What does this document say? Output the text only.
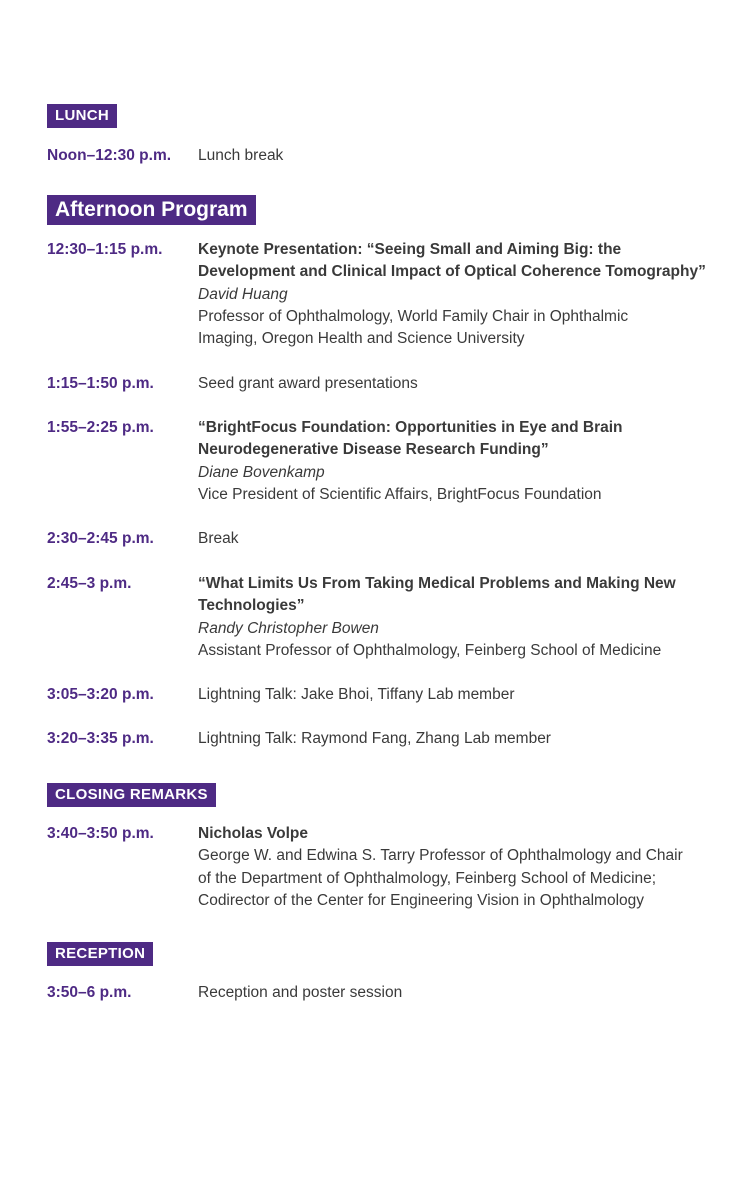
LUNCH
Noon–12:30 p.m. Lunch break
Afternoon Program
12:30–1:15 p.m. Keynote Presentation: “Seeing Small and Aiming Big: the
Development and Clinical Impact of Optical Coherence Tomography”
David Huang
Professor of Ophthalmology, World Family Chair in Ophthalmic
Imaging, Oregon Health and Science University
1:15–1:50 p.m.	Seed grant award presentations
1:55–2:25 p.m.	“BrightFocus Foundation: Opportunities in Eye and Brain
Neurodegenerative Disease Research Funding”
Diane Bovenkamp
Vice President of Scientific Affairs, BrightFocus Foundation
2:30–2:45 p.m.	Break
2:45–3 p.m.	“What Limits Us From Taking Medical Problems and Making New
Technologies”
Randy Christopher Bowen
Assistant Professor of Ophthalmology, Feinberg School of Medicine
3:05–3:20 p.m.	Lightning Talk: Jake Bhoi, Tiffany Lab member
3:20–3:35 p.m.	Lightning Talk: Raymond Fang, Zhang Lab member
CLOSING REMARKS
3:40–3:50 p.m.	Nicholas Volpe
George W. and Edwina S. Tarry Professor of Ophthalmology and Chair
of the Department of Ophthalmology, Feinberg School of Medicine;
Codirector of the Center for Engineering Vision in Ophthalmology
RECEPTION
3:50–6 p.m.	Reception and poster session
